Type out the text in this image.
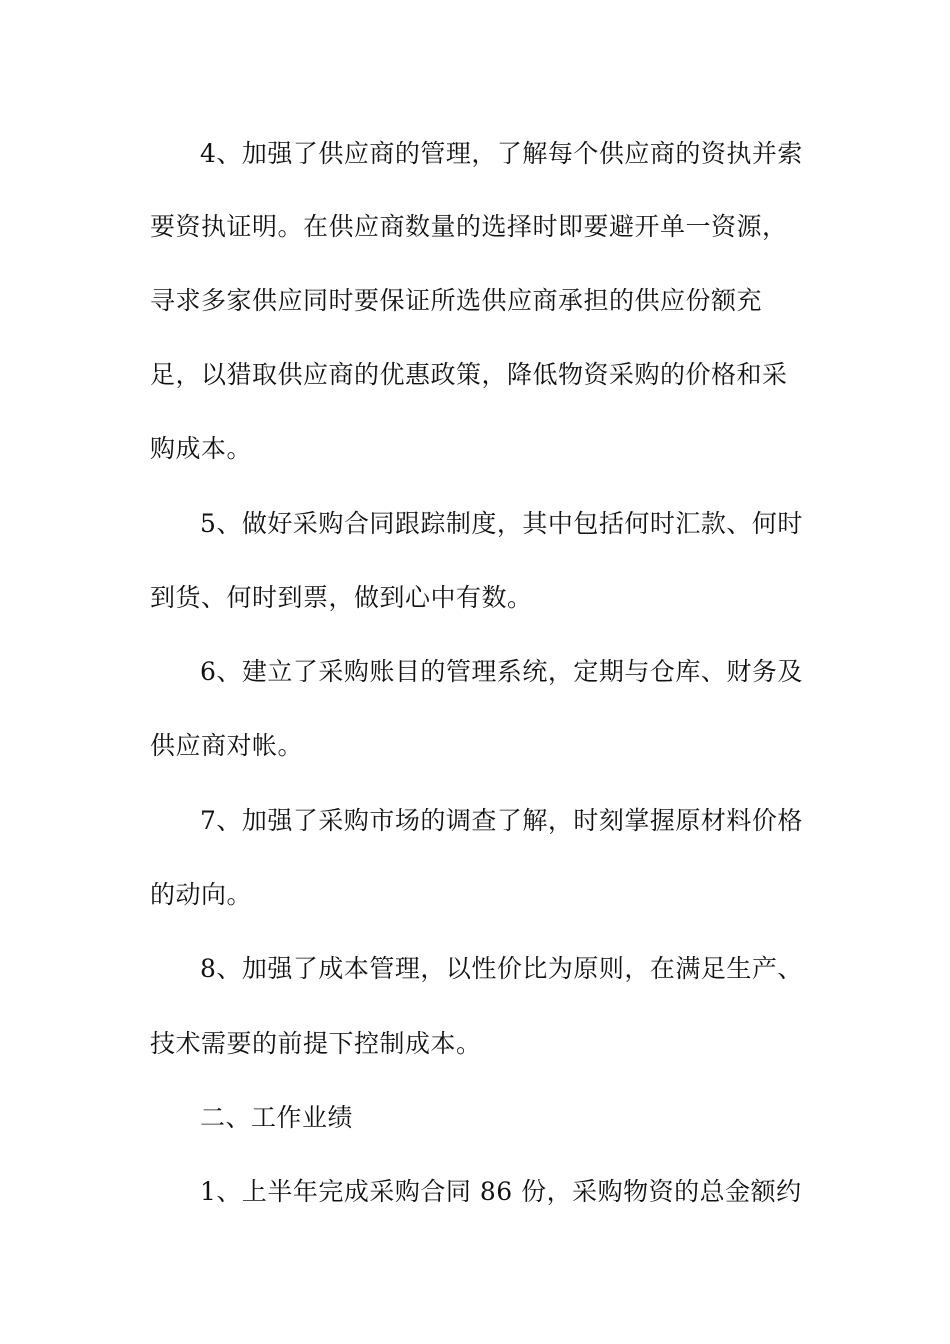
4、加强了供应商的管理，了解每个供应商的资执并索
要资执证明。在供应商数量的选择时即要避开单一资源，
寻求多家供应同时要保证所选供应商承担的供应份额充
足，以猎取供应商的优惠政策，降低物资采购的价格和采
购成本。
5、做好采购合同跟踪制度，其中包括何时汇款、何时
到货、何时到票，做到心中有数。
6、建立了采购账目的管理系统，定期与仓库、财务及
供应商对帐。
7、加强了采购市场的调查了解，时刻掌握原材料价格
的动向。
8、加强了成本管理，以性价比为原则，在满足生产、
技术需要的前提下控制成本。
二、工作业绩
1、上半年完成采购合同 86 份，采购物资的总金额约
